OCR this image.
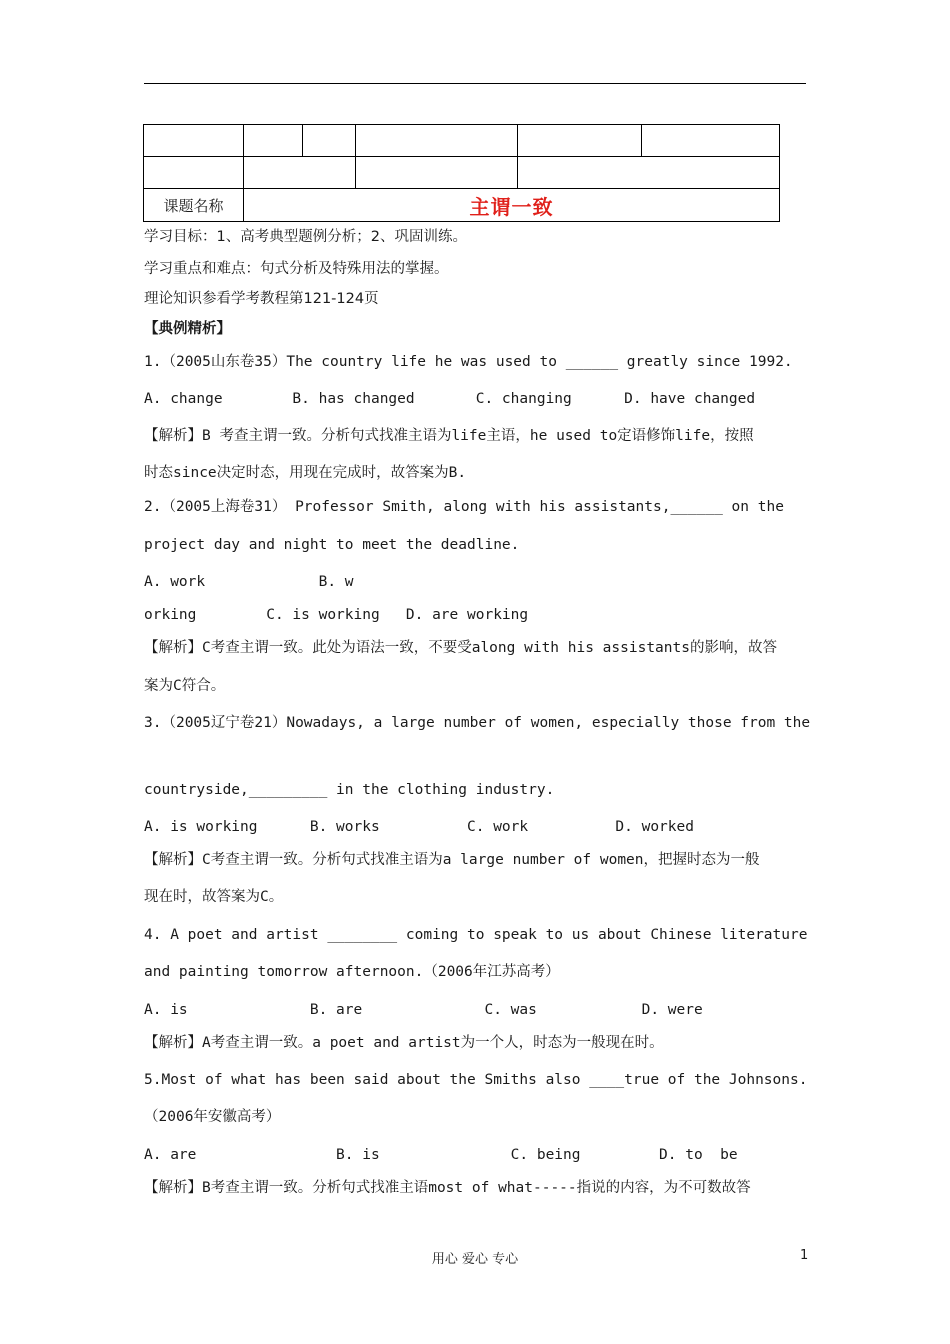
课题名称	主谓一致				
学习目标：1、高考典型题例分析；2、巩固训练。
学习重点和难点：句式分析及特殊用法的掌握。
理论知识参看学考教程第121-124页
【典例精析】
1.（2005山东卷35）The country life he was used to ______ greatly since 1992.
A. change        B. has changed       C. changing      D. have changed
【解析】B 考查主谓一致。分析句式找准主语为life主语，he used to定语修饰life，按照
时态since决定时态，用现在完成时，故答案为B.
2.（2005上海卷31） Professor Smith, along with his assistants,______ on the
project day and night to meet the deadline.
A. work             B. w
orking        C. is working   D. are working
【解析】C考查主谓一致。此处为语法一致，不要受along with his assistants的影响，故答
案为C符合。
3.（2005辽宁卷21）Nowadays, a large number of women, especially those from the
countryside,_________ in the clothing industry.
A. is working      B. works          C. work          D. worked
【解析】C考查主谓一致。分析句式找准主语为a large number of women，把握时态为一般
现在时，故答案为C。
4. A poet and artist ________ coming to speak to us about Chinese literature
and painting tomorrow afternoon.（2006年江苏高考）
A. is              B. are              C. was            D. were
【解析】A考查主谓一致。a poet and artist为一个人，时态为一般现在时。
5.Most of what has been said about the Smiths also ____true of the Johnsons.
（2006年安徽高考）
A. are                B. is               C. being         D. to  be
【解析】B考查主谓一致。分析句式找准主语most of what-----指说的内容，为不可数故答
用心 爱心 专心	1
